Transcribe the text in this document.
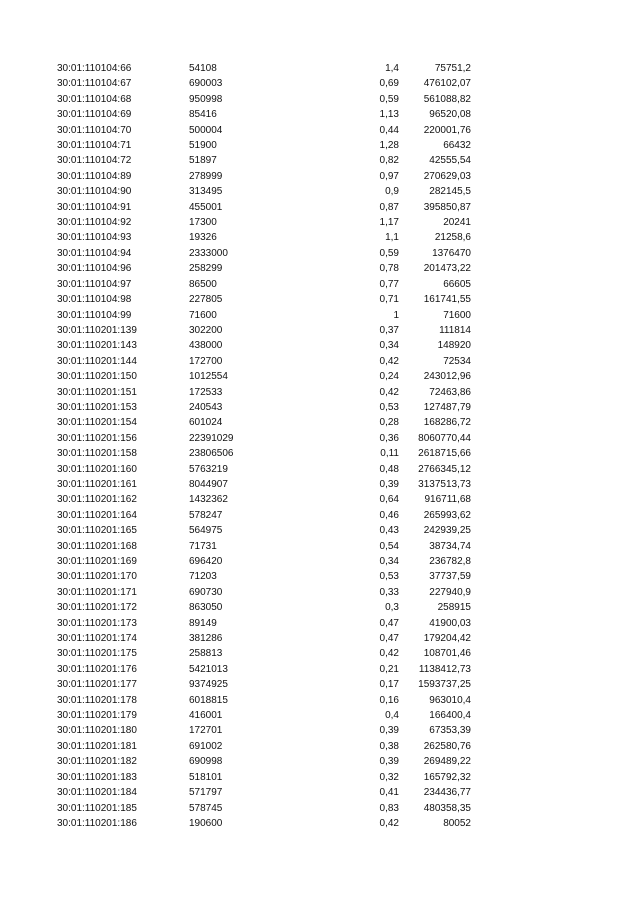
30:01:110104:66	54108	1,4	75751,2
30:01:110104:67	690003	0,69 476102,07
30:01:110104:68	950998	0,59 561088,82
30:01:110104:69	85416	1,13	96520,08
30:01:110104:70	500004	0,44 220001,76
30:01:110104:71	51900	1,28	66432
30:01:110104:72	51897	0,82	42555,54
30:01:110104:89	278999	0,97 270629,03
30:01:110104:90	313495	0,9	282145,5
30:01:110104:91	455001	0,87 395850,87
30:01:110104:92	17300	1,17	20241
30:01:110104:93	19326	1,1	21258,6
30:01:110104:94	2333000	0,59	1376470
30:01:110104:96	258299	0,78 201473,22
30:01:110104:97	86500	0,77	66605
30:01:110104:98	227805	0,71 161741,55
30:01:110104:99	71600	1	71600
30:01:110201:139	302200	0,37	111814
30:01:110201:143	438000	0,34	148920
30:01:110201:144	172700	0,42	72534
30:01:110201:150	1012554	0,24 243012,96
30:01:110201:151	172533	0,42	72463,86
30:01:110201:153	240543	0,53 127487,79
30:01:110201:154	601024	0,28 168286,72
30:01:110201:156	22391029	0,36 8060770,44
30:01:110201:158	23806506	0,11 2618715,66
30:01:110201:160	5763219	0,48 2766345,12
30:01:110201:161	8044907	0,39 3137513,73
30:01:110201:162	1432362	0,64	916711,68
30:01:110201:164	578247	0,46 265993,62
30:01:110201:165	564975	0,43 242939,25
30:01:110201:168	71731	0,54	38734,74
30:01:110201:169	696420	0,34	236782,8
30:01:110201:170	71203	0,53	37737,59
30:01:110201:171	690730	0,33	227940,9
30:01:110201:172	863050	0,3	258915
30:01:110201:173	89149	0,47	41900,03
30:01:110201:174	381286	0,47 179204,42
30:01:110201:175	258813	0,42 108701,46
30:01:110201:176	5421013	0,21 1138412,73
30:01:110201:177	9374925	0,17 1593737,25
30:01:110201:178	6018815	0,16	963010,4
30:01:110201:179	416001	0,4	166400,4
30:01:110201:180	172701	0,39	67353,39
30:01:110201:181	691002	0,38 262580,76
30:01:110201:182	690998	0,39 269489,22
30:01:110201:183	518101	0,32 165792,32
30:01:110201:184	571797	0,41 234436,77
30:01:110201:185	578745	0,83 480358,35
30:01:110201:186	190600	0,42	80052
